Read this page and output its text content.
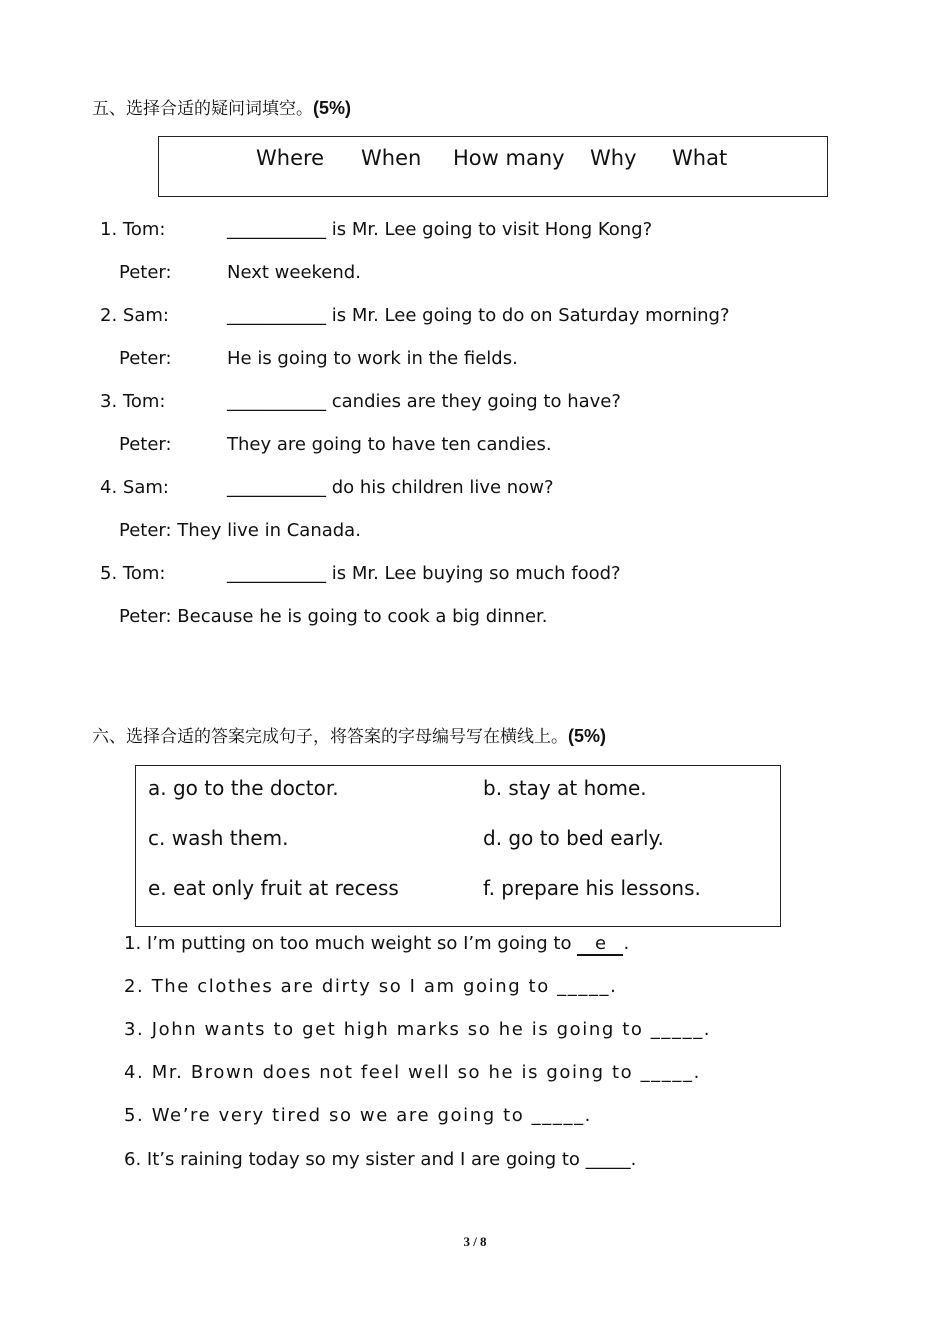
五、选择合适的疑问词填空。(5%)
Where When How many Why What
1. Tom:	___________ is Mr. Lee going to visit Hong Kong?
Peter:	Next weekend.
2. Sam:	___________ is Mr. Lee going to do on Saturday morning?
Peter:	He is going to work in the fields.
3. Tom:	___________ candies are they going to have?
Peter:	They are going to have ten candies.
4. Sam:	___________ do his children live now?
Peter: They live in Canada.
5. Tom:	___________ is Mr. Lee buying so much food?
Peter: Because he is going to cook a big dinner.
六、选择合适的答案完成句子，将答案的字母编号写在横线上。(5%)
a. go to the doctor.	b. stay at home.
c. wash them.	d. go to bed early.
e. eat only fruit at recess	f. prepare his lessons.
1. I’m putting on too much weight so I’m going to e .
2. The clothes are dirty so I am going to _____.
3. John wants to get high marks so he is going to _____.
4. Mr. Brown does not feel well so he is going to _____.
5. We’re very tired so we are going to _____.
6. It’s raining today so my sister and I are going to _____.
3 / 8
